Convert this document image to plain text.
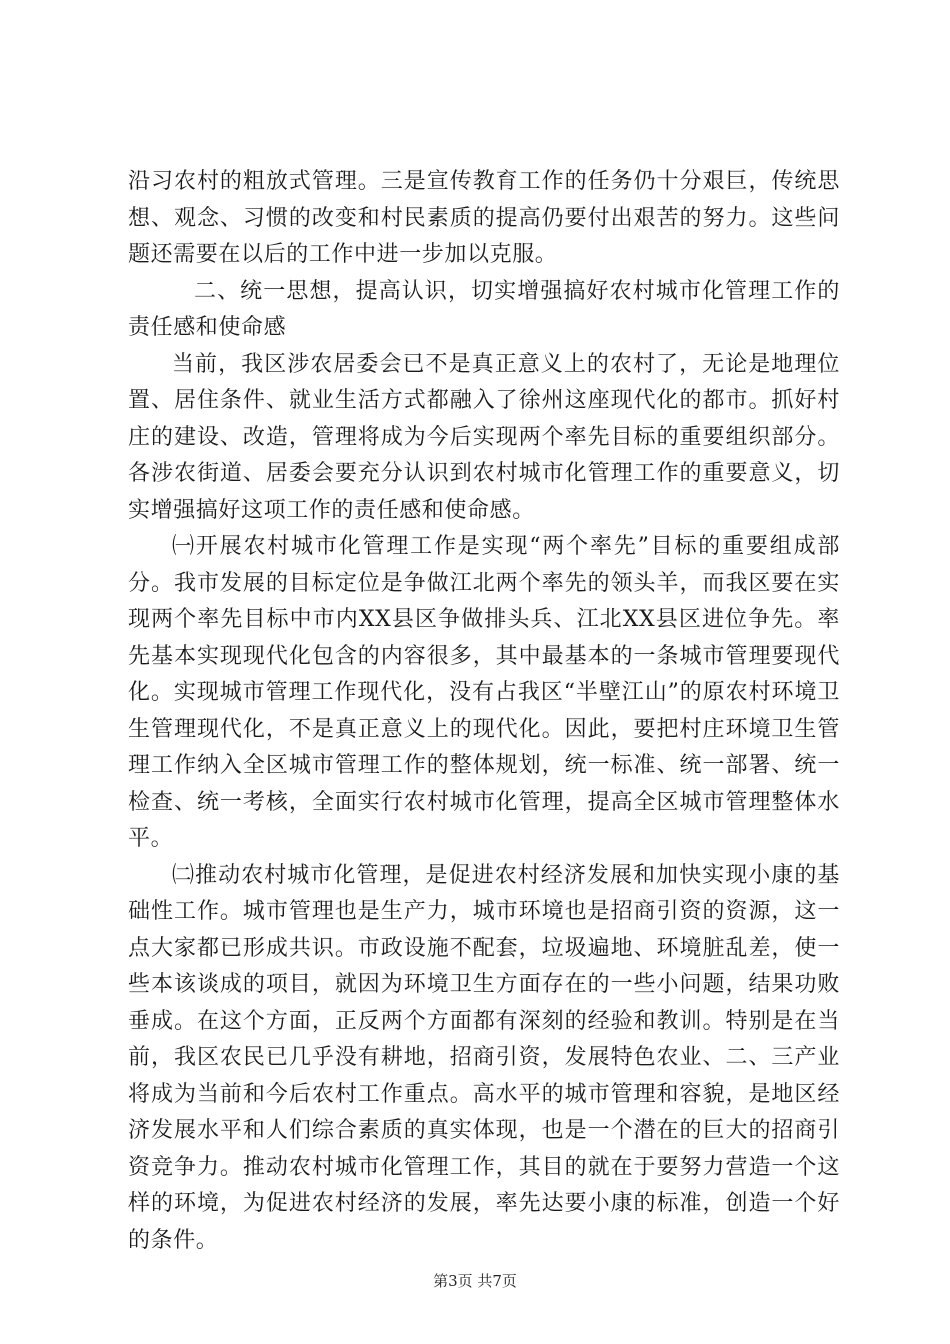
沿习农村的粗放式管理。三是宣传教育工作的任务仍十分艰巨，传统思想、观念、习惯的改变和村民素质的提高仍要付出艰苦的努力。这些问题还需要在以后的工作中进一步加以克服。

二、统一思想，提高认识，切实增强搞好农村城市化管理工作的责任感和使命感

当前，我区涉农居委会已不是真正意义上的农村了，无论是地理位置、居住条件、就业生活方式都融入了徐州这座现代化的都市。抓好村庄的建设、改造，管理将成为今后实现两个率先目标的重要组织部分。各涉农街道、居委会要充分认识到农村城市化管理工作的重要意义，切实增强搞好这项工作的责任感和使命感。

㈠开展农村城市化管理工作是实现“两个率先”目标的重要组成部分。我市发展的目标定位是争做江北两个率先的领头羊，而我区要在实现两个率先目标中市内XX县区争做排头兵、江北XX县区进位争先。率先基本实现现代化包含的内容很多，其中最基本的一条城市管理要现代化。实现城市管理工作现代化，没有占我区“半壁江山”的原农村环境卫生管理现代化，不是真正意义上的现代化。因此，要把村庄环境卫生管理工作纳入全区城市管理工作的整体规划，统一标准、统一部署、统一检查、统一考核，全面实行农村城市化管理，提高全区城市管理整体水平。

㈡推动农村城市化管理，是促进农村经济发展和加快实现小康的基础性工作。城市管理也是生产力，城市环境也是招商引资的资源，这一点大家都已形成共识。市政设施不配套，垃圾遍地、环境脏乱差，使一些本该谈成的项目，就因为环境卫生方面存在的一些小问题，结果功败垂成。在这个方面，正反两个方面都有深刻的经验和教训。特别是在当前，我区农民已几乎没有耕地，招商引资，发展特色农业、二、三产业将成为当前和今后农村工作重点。高水平的城市管理和容貌，是地区经济发展水平和人们综合素质的真实体现，也是一个潜在的巨大的招商引资竞争力。推动农村城市化管理工作，其目的就在于要努力营造一个这样的环境，为促进农村经济的发展，率先达要小康的标准，创造一个好的条件。

第3页 共7页
